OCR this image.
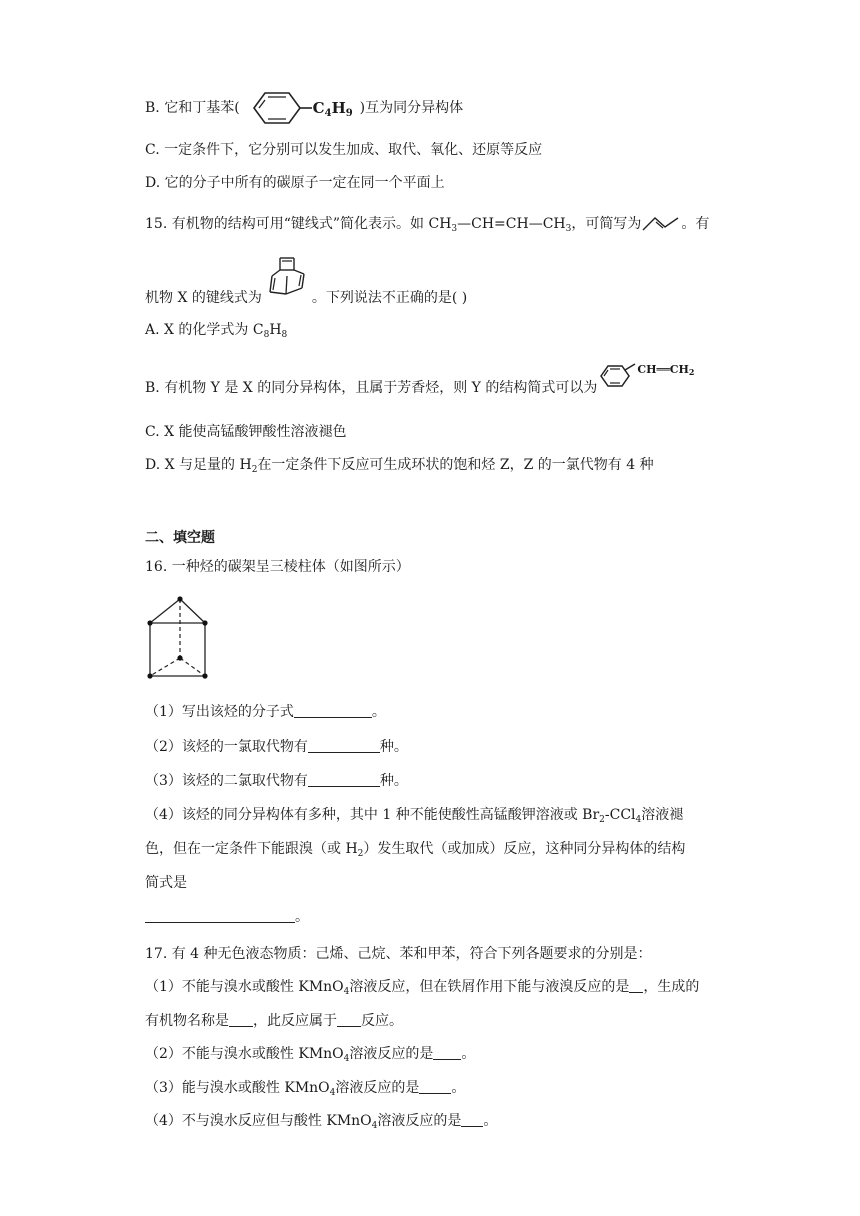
B. 它和丁基苯(	$C_4H_9$ )互为同分异构体
C. 一定条件下，它分别可以发生加成、取代、氧化、还原等反应
D. 它的分子中所有的碳原子一定在同一个平面上
15. 有机物的结构可用“键线式”简化表示。如 $CH_3—CH=CH—CH_3$，可简写为	。有
机物 X 的键线式为	。下列说法不正确的是( )
A. X 的化学式为 $C_8H_8$
B. 有机物 Y 是 X 的同分异构体，且属于芳香烃，则 Y 的结构简式可以为
$CH══CH_2$
C. X 能使高锰酸钾酸性溶液褪色
D. X 与足量的 $H_2$在一定条件下反应可生成环状的饱和烃 Z，Z 的一氯代物有 4 种
二、填空题
16. 一种烃的碳架呈三棱柱体（如图所示）
（1）写出该烃的分子式	。
（2）该烃的一氯取代物有	种。
（3）该烃的二氯取代物有	种。
（4）该烃的同分异构体有多种，其中 1 种不能使酸性高锰酸钾溶液或 $Br_2-CCl_4$溶液褪
色，但在一定条件下能跟溴（或 $H_2$）发生取代（或加成）反应，这种同分异构体的结构
简式是
。
17. 有 4 种无色液态物质：己烯、己烷、苯和甲苯，符合下列各题要求的分别是：
（1）不能与溴水或酸性 KMnO$_4$溶液反应，但在铁屑作用下能与液溴反应的是 ，生成的
有机物名称是 ，此反应属于 反应。
（2）不能与溴水或酸性 KMnO$_4$溶液反应的是 。
（3）能与溴水或酸性 KMnO$_4$溶液反应的是 。
（4）不与溴水反应但与酸性 KMnO$_4$溶液反应的是 。
